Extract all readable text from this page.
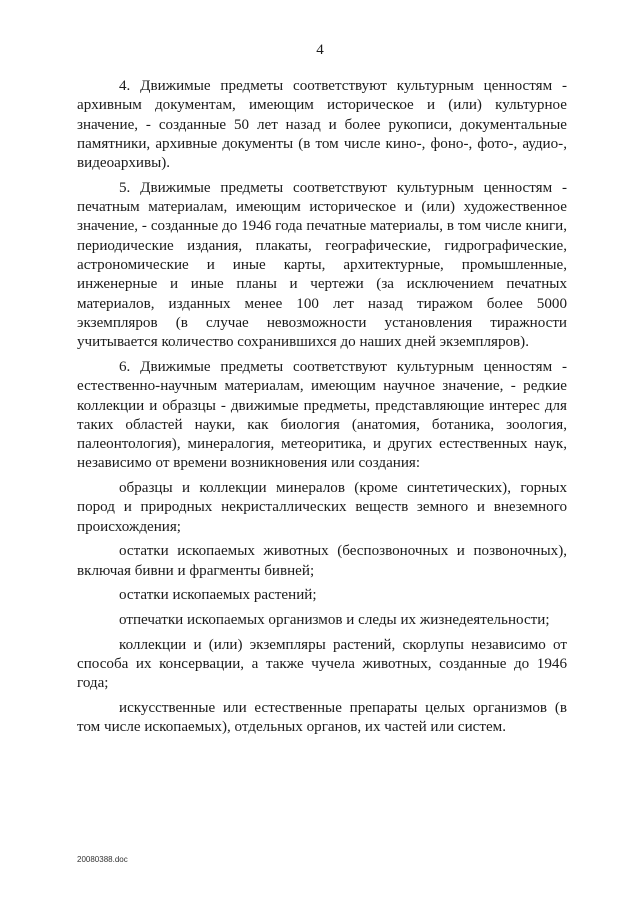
4

4. Движимые предметы соответствуют культурным ценностям - архивным документам, имеющим историческое и (или) культурное значение, - созданные 50 лет назад и более рукописи, документальные памятники, архивные документы (в том числе кино-, фоно-, фото-, аудио-, видеоархивы).

5. Движимые предметы соответствуют культурным ценностям - печатным материалам, имеющим историческое и (или) художественное значение, - созданные до 1946 года печатные материалы, в том числе книги, периодические издания, плакаты, географические, гидрографические, астрономические и иные карты, архитектурные, промышленные, инженерные и иные планы и чертежи (за исключением печатных материалов, изданных менее 100 лет назад тиражом более 5000 экземпляров (в случае невозможности установления тиражности учитывается количество сохранившихся до наших дней экземпляров).

6. Движимые предметы соответствуют культурным ценностям - естественно-научным материалам, имеющим научное значение, - редкие коллекции и образцы - движимые предметы, представляющие интерес для таких областей науки, как биология (анатомия, ботаника, зоология, палеонтология), минералогия, метеоритика, и других естественных наук, независимо от времени возникновения или создания:

образцы и коллекции минералов (кроме синтетических), горных пород и природных некристаллических веществ земного и внеземного происхождения;

остатки ископаемых животных (беспозвоночных и позвоночных), включая бивни и фрагменты бивней;

остатки ископаемых растений;

отпечатки ископаемых организмов и следы их жизнедеятельности;

коллекции и (или) экземпляры растений, скорлупы независимо от способа их консервации, а также чучела животных, созданные до 1946 года;

искусственные или естественные препараты целых организмов (в том числе ископаемых), отдельных органов, их частей или систем.

20080388.doc
